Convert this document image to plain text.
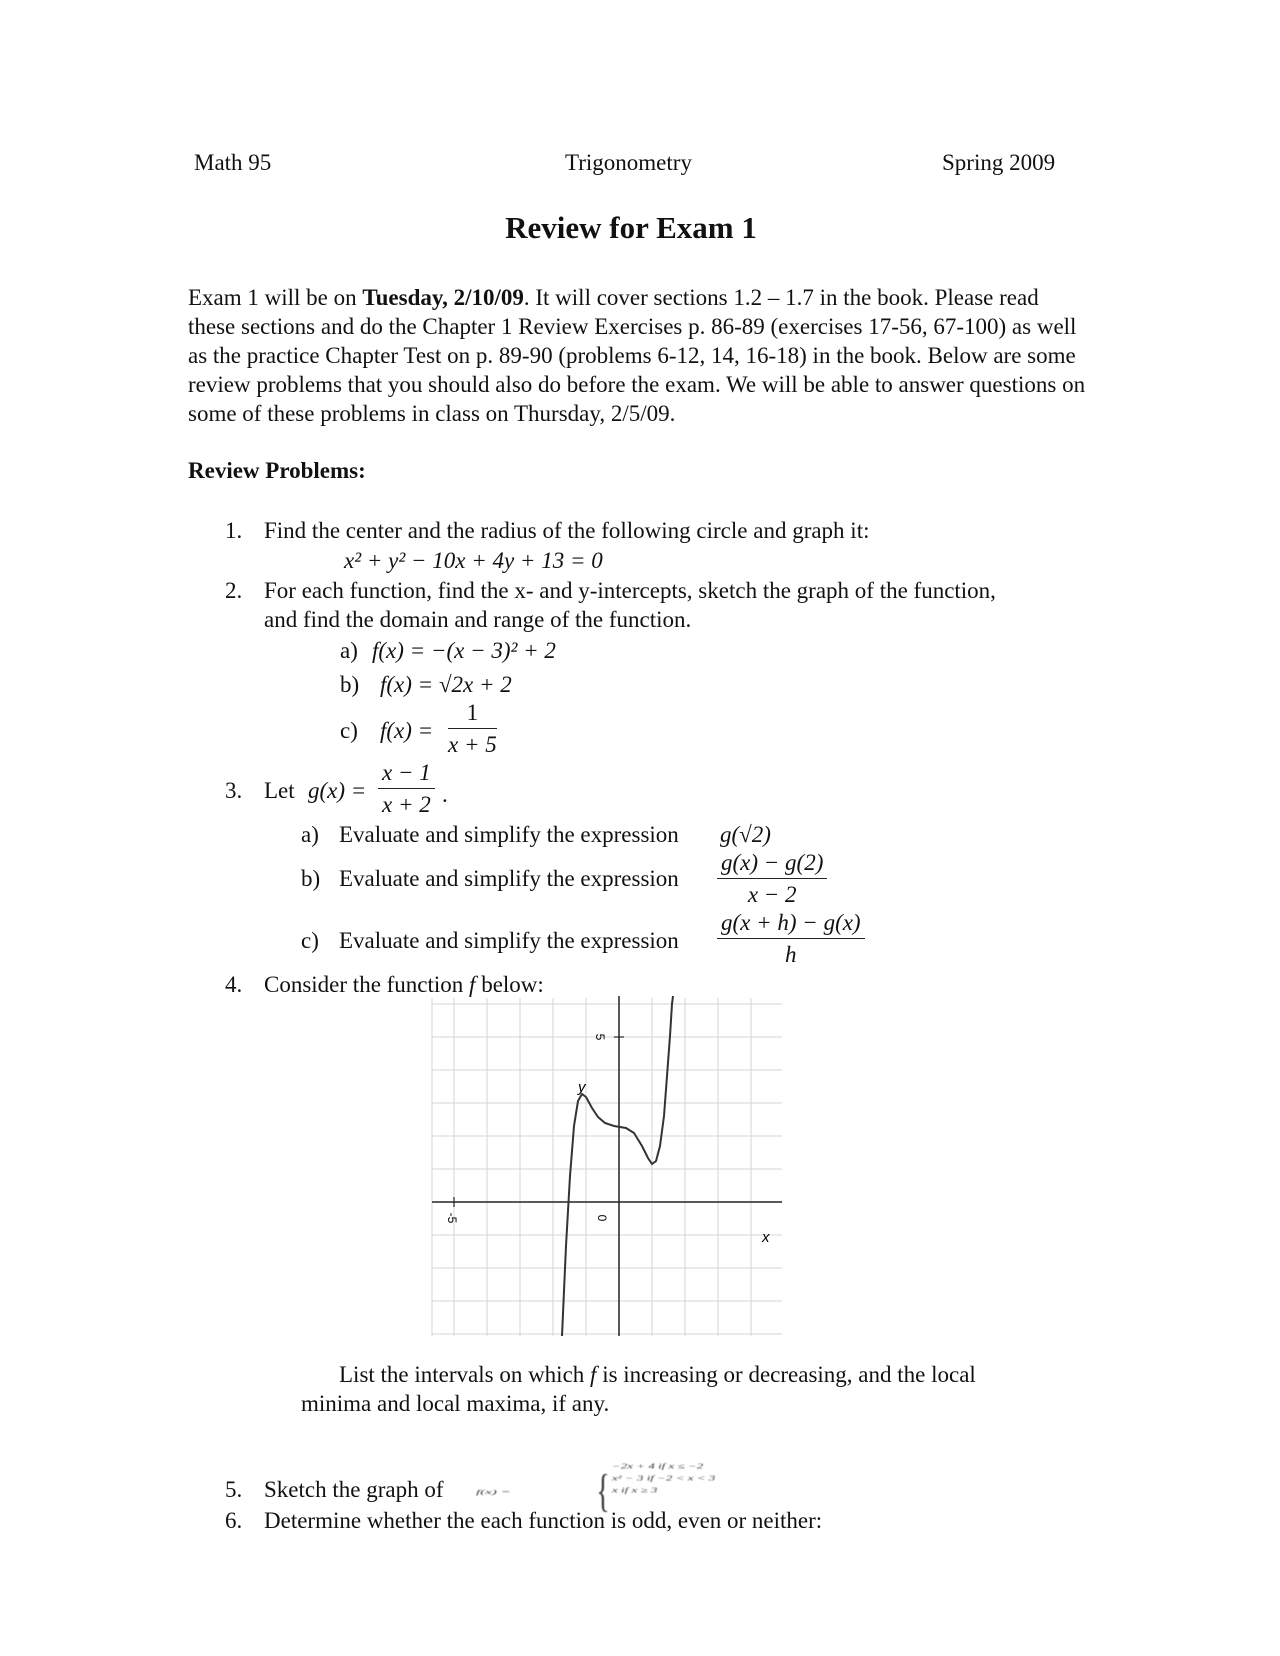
Math 95	Trigonometry	Spring 2009
Review for Exam 1
Exam 1 will be on Tuesday, 2/10/09. It will cover sections 1.2 – 1.7 in the book. Please read these sections and do the Chapter 1 Review Exercises p. 86-89 (exercises 17-56, 67-100) as well as the practice Chapter Test on p. 89-90 (problems 6-12, 14, 16-18) in the book. Below are some review problems that you should also do before the exam. We will be able to answer questions on some of these problems in class on Thursday, 2/5/09.
Review Problems:
1. Find the center and the radius of the following circle and graph it:
x² + y² − 10x + 4y + 13 = 0
2. For each function, find the x- and y-intercepts, sketch the graph of the function,
and find the domain and range of the function.
a) f(x) = −(x − 3)² + 2
b) f(x) = √2x + 2
c) $f(x) = \frac{1}{x + 5}$
3. Let $g(x) = \frac{x - 1}{x + 2}$ .
a) Evaluate and simplify the expression g(√2)
b) Evaluate and simplify the expression $\frac{g(x) - g(2)}{x - 2}$
c) Evaluate and simplify the expression $\frac{g(x + h) - g(x)}{h}$
4. Consider the function f below:
-5	0
5
y
x
List the intervals on which f is increasing or decreasing, and the local
minima and local maxima, if any.
5. Sketch the graph of f(x) = { −2x + 4 if x ≤ −2
x² − 3 if −2 < x < 3
x if x ≥ 3
6. Determine whether the each function is odd, even or neither:
